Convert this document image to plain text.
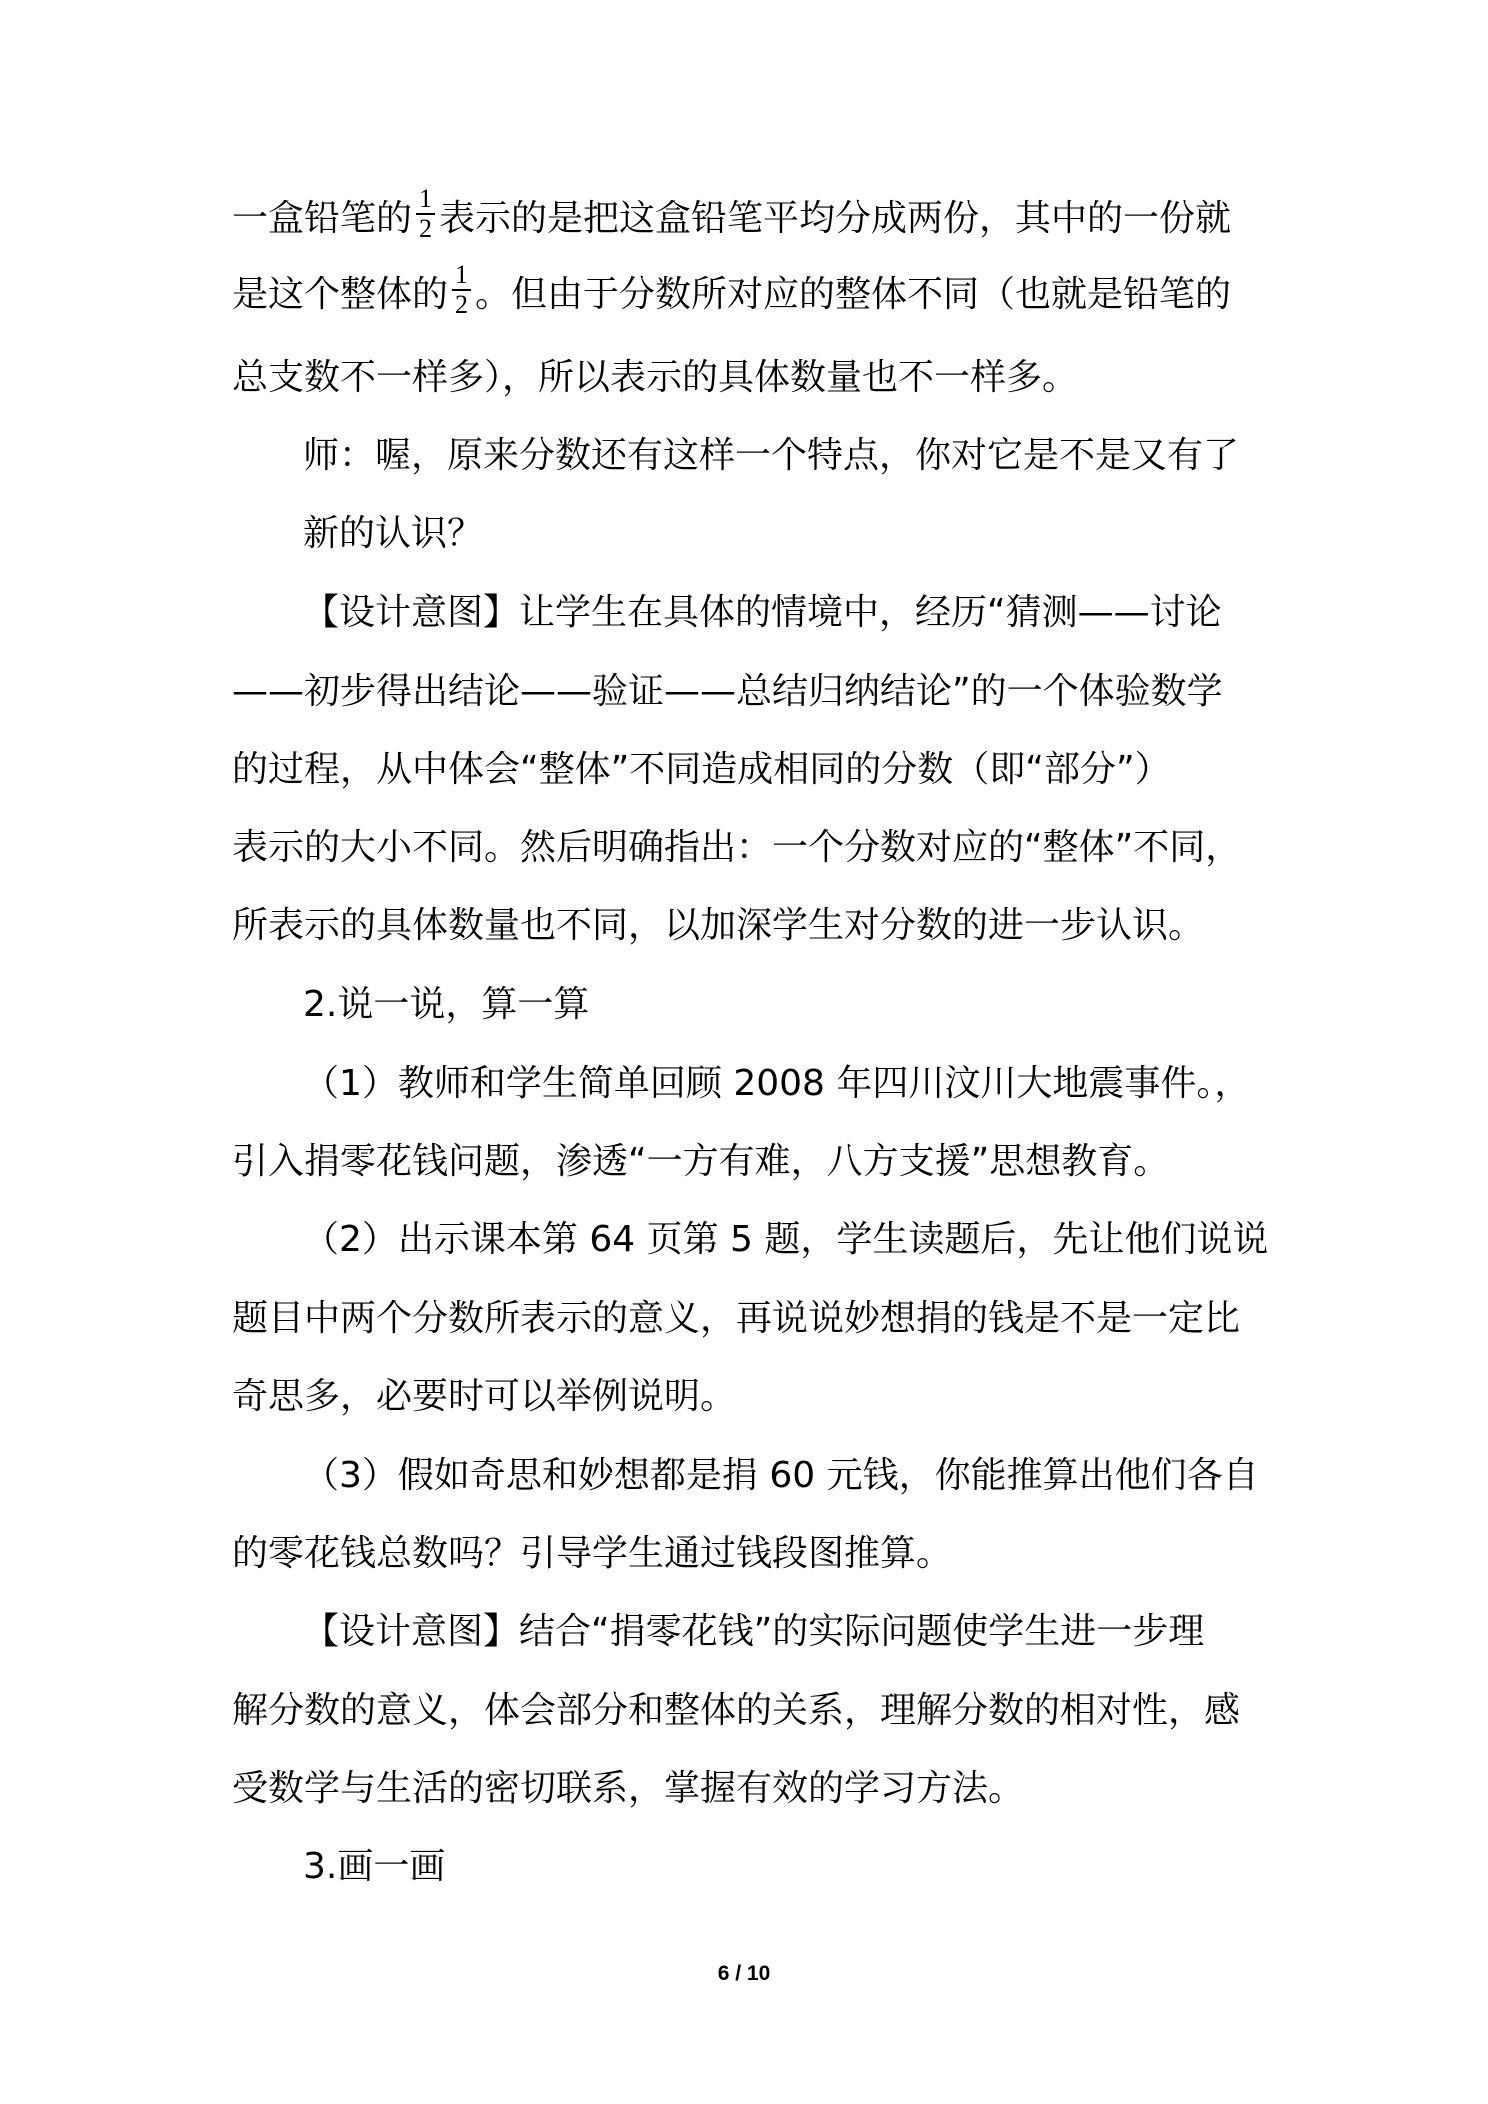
一盒铅笔的 $\frac{1}{2}$ 表示的是把这盒铅笔平均分成两份，其中的一份就
是这个整体的 $\frac{1}{2}$ 。但由于分数所对应的整体不同（也就是铅笔的
总支数不一样多），所以表示的具体数量也不一样多。
师：喔，原来分数还有这样一个特点，你对它是不是又有了
新的认识？
【设计意图】让学生在具体的情境中，经历“猜测——讨论
——初步得出结论——验证——总结归纳结论”的一个体验数学
的过程，从中体会“整体”不同造成相同的分数（即“部分”）
表示的大小不同。然后明确指出：一个分数对应的“整体”不同，
所表示的具体数量也不同，以加深学生对分数的进一步认识。
2.说一说，算一算
（1）教师和学生简单回顾 2008 年四川汶川大地震事件。，
引入捐零花钱问题，渗透“一方有难，八方支援”思想教育。
（2）出示课本第 64 页第 5 题，学生读题后，先让他们说说
题目中两个分数所表示的意义，再说说妙想捐的钱是不是一定比
奇思多，必要时可以举例说明。
（3）假如奇思和妙想都是捐 60 元钱，你能推算出他们各自
的零花钱总数吗？引导学生通过钱段图推算。
【设计意图】结合“捐零花钱”的实际问题使学生进一步理
解分数的意义，体会部分和整体的关系，理解分数的相对性，感
受数学与生活的密切联系，掌握有效的学习方法。
3.画一画
6 / 10
